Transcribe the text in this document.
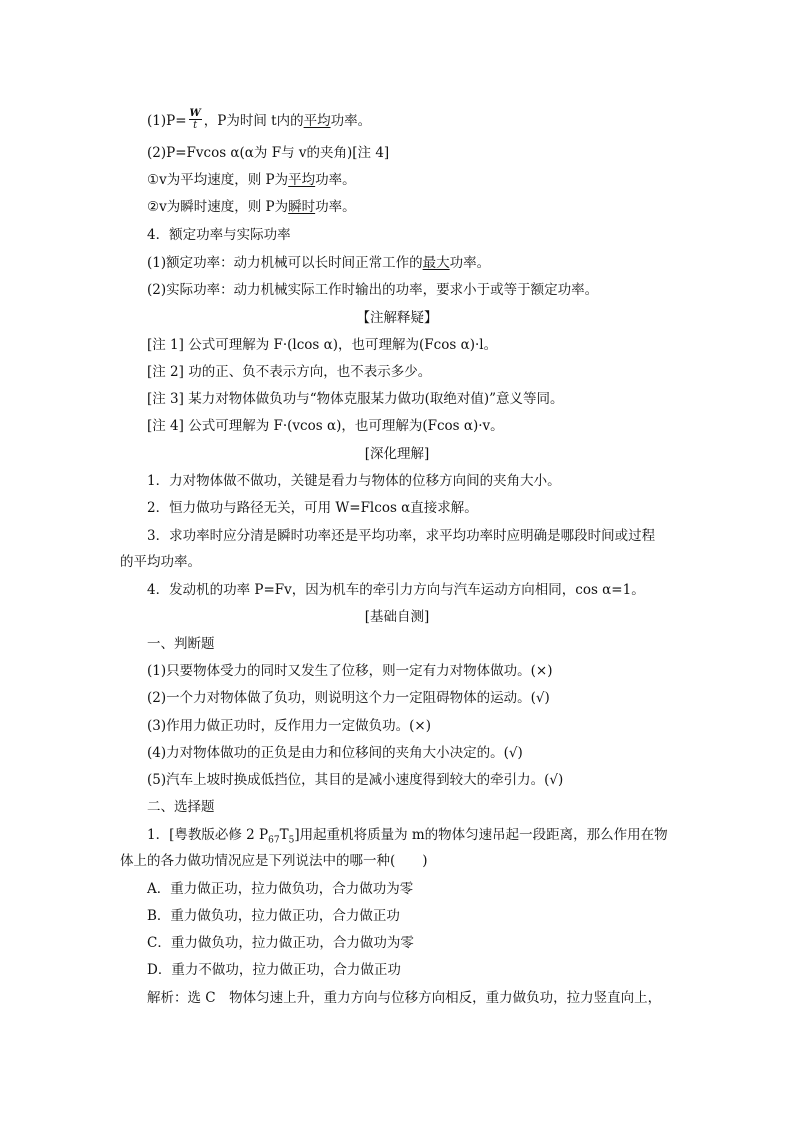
$(1)P= \frac{W}{t}$ ，P为时间 t内的平均功率。
(2)P=Fvcos α(α为 F与 v的夹角)[注 4]
①v为平均速度，则 P为平均功率。
②v为瞬时速度，则 P为瞬时功率。
4．额定功率与实际功率
(1)额定功率：动力机械可以长时间正常工作的最大功率。
(2)实际功率：动力机械实际工作时输出的功率，要求小于或等于额定功率。
【注解释疑】
[注 1] 公式可理解为 F·(lcos α)，也可理解为(Fcos α)·l。
[注 2] 功的正、负不表示方向，也不表示多少。
[注 3] 某力对物体做负功与“物体克服某力做功(取绝对值)”意义等同。
[注 4] 公式可理解为 F·(vcos α)，也可理解为(Fcos α)·v。
[深化理解]
1．力对物体做不做功，关键是看力与物体的位移方向间的夹角大小。
2．恒力做功与路径无关，可用 W=Flcos α直接求解。
3．求功率时应分清是瞬时功率还是平均功率，求平均功率时应明确是哪段时间或过程
的平均功率。
4．发动机的功率 P=Fv，因为机车的牵引力方向与汽车运动方向相同，cos α=1。
[基础自测]
一、判断题
(1)只要物体受力的同时又发生了位移，则一定有力对物体做功。(×)
(2)一个力对物体做了负功，则说明这个力一定阻碍物体的运动。(√)
(3)作用力做正功时，反作用力一定做负功。(×)
(4)力对物体做功的正负是由力和位移间的夹角大小决定的。(√)
(5)汽车上坡时换成低挡位，其目的是减小速度得到较大的牵引力。(√)
二、选择题
1．[粤教版必修 2 $P_{67}T_5$]用起重机将质量为 m的物体匀速吊起一段距离，那么作用在物
体上的各力做功情况应是下列说法中的哪一种(　　)
A．重力做正功，拉力做负功，合力做功为零
B．重力做负功，拉力做正功，合力做正功
C．重力做负功，拉力做正功，合力做功为零
D．重力不做功，拉力做正功，合力做正功
解析：选 C　物体匀速上升，重力方向与位移方向相反，重力做负功，拉力竖直向上，
